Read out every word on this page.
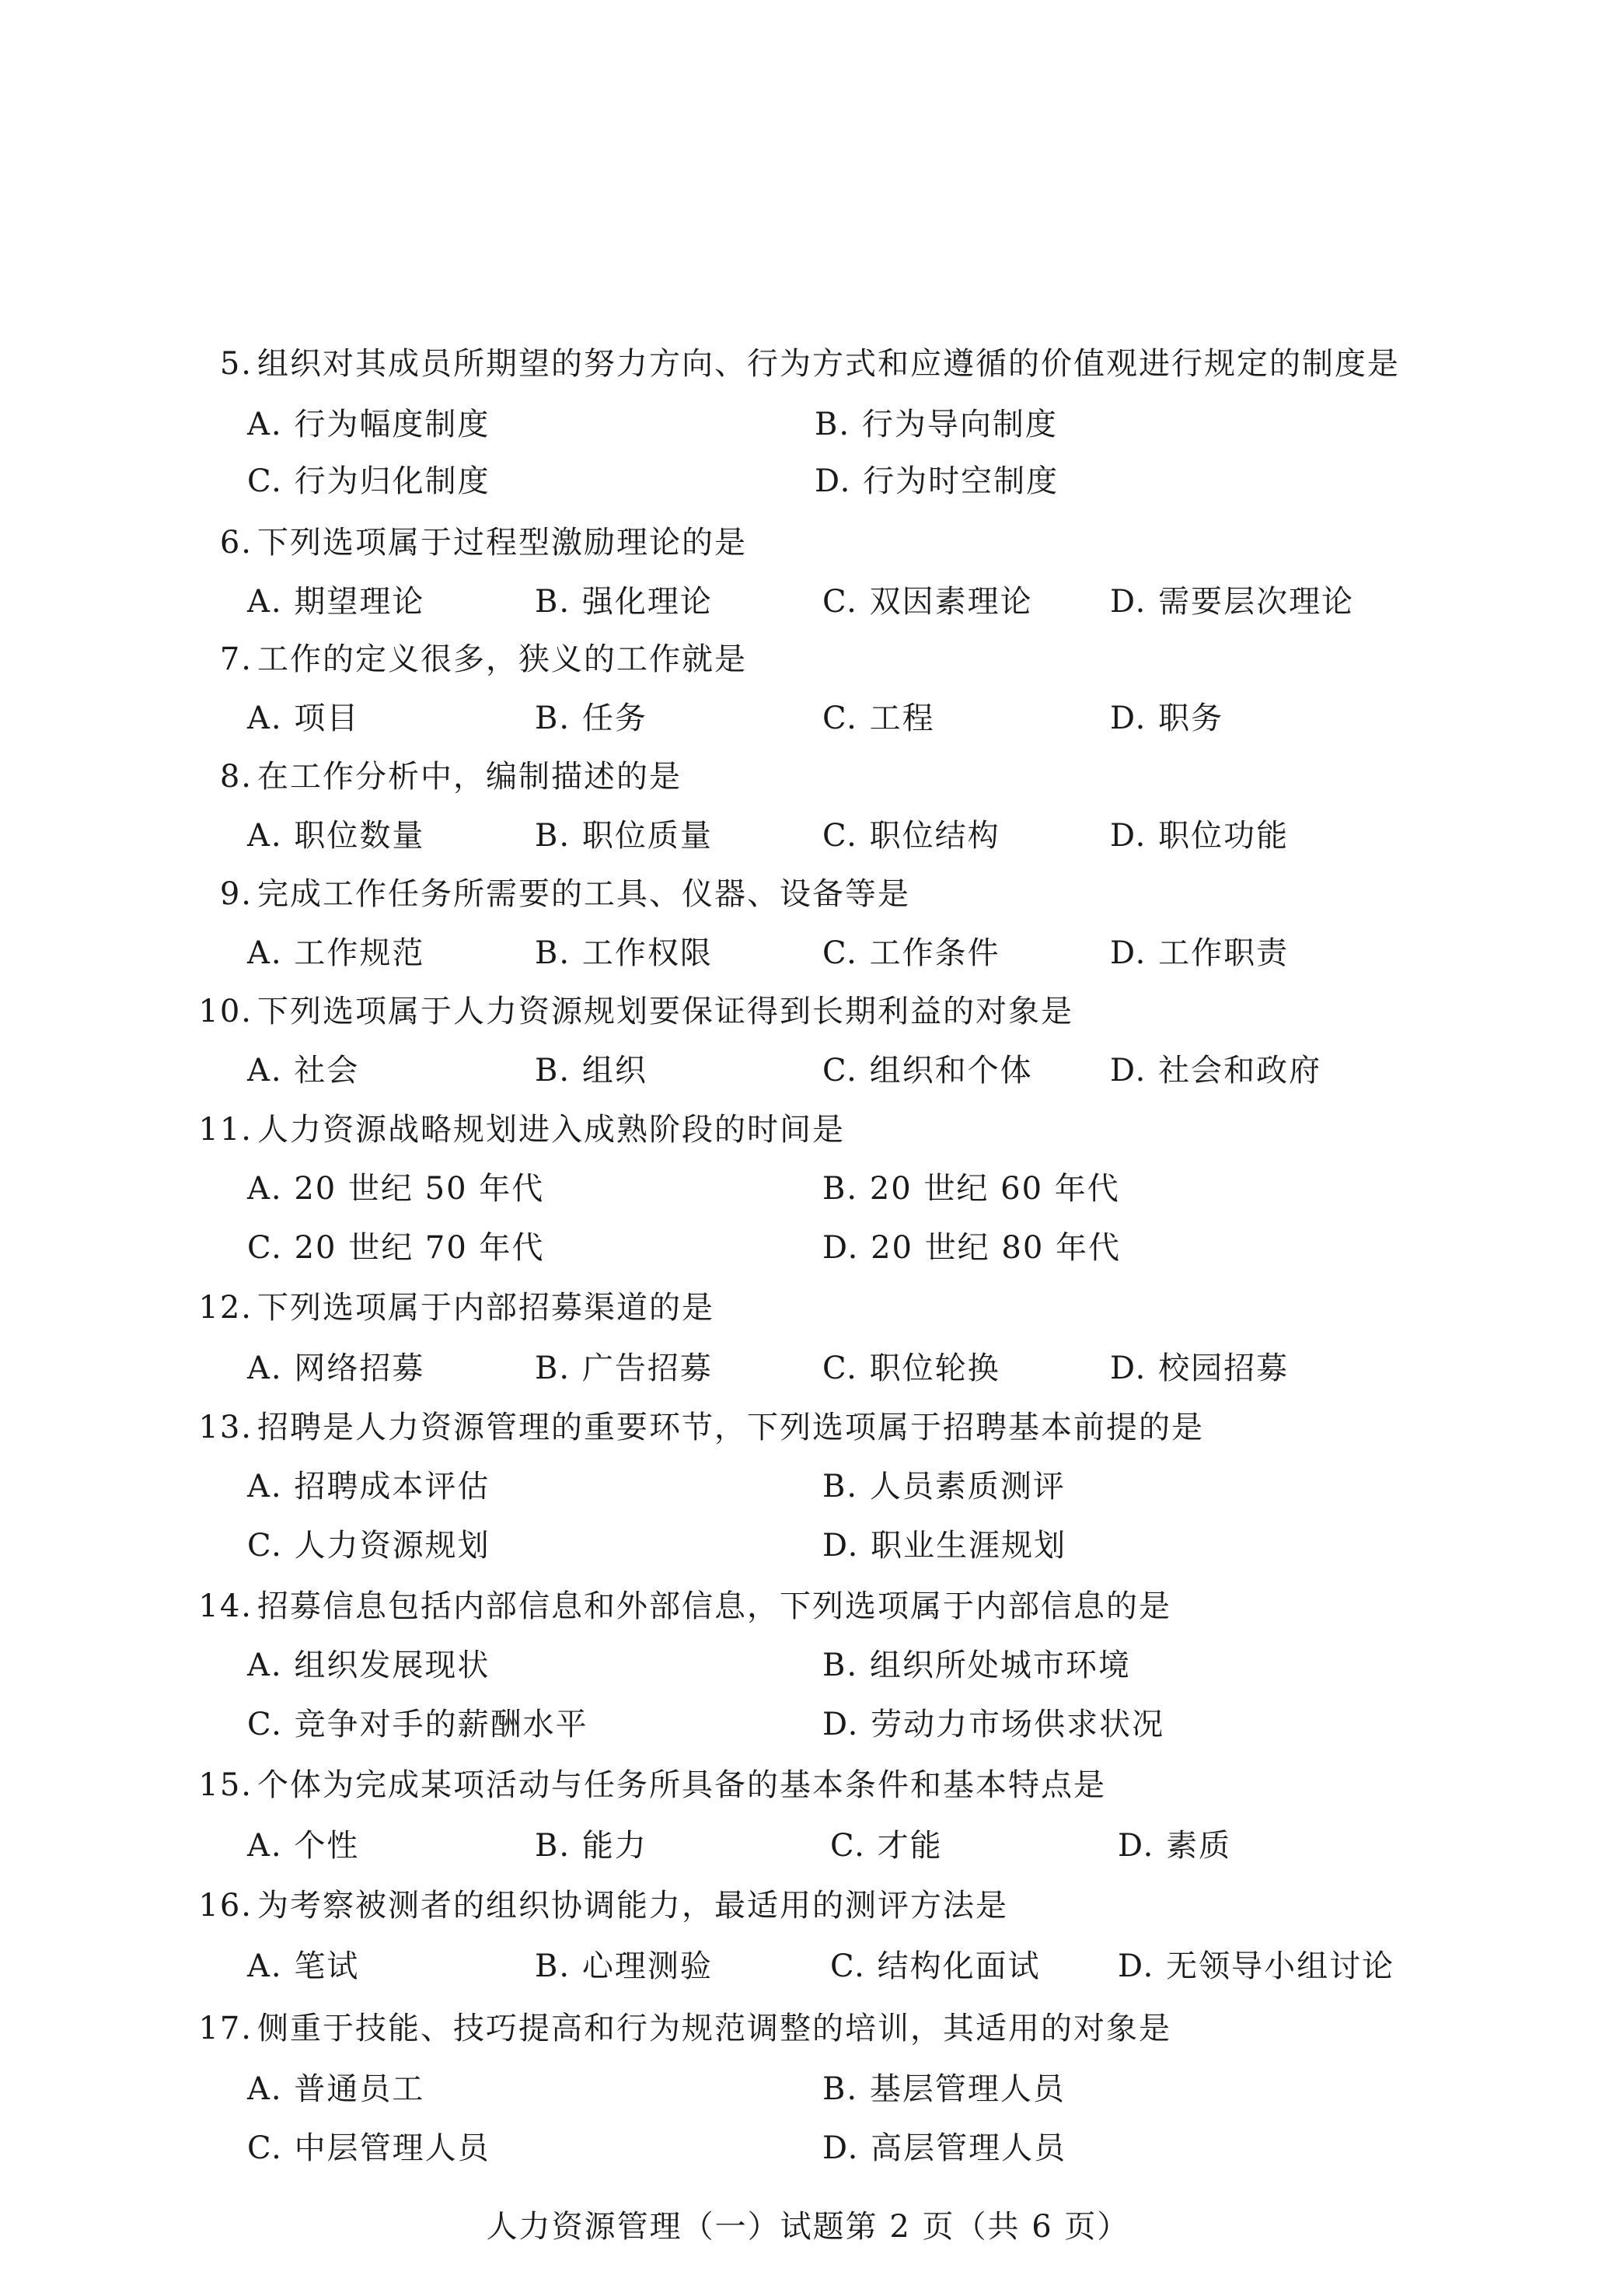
5. 组织对其成员所期望的努力方向、行为方式和应遵循的价值观进行规定的制度是
A. 行为幅度制度	B. 行为导向制度
C. 行为归化制度	D. 行为时空制度
6. 下列选项属于过程型激励理论的是
A. 期望理论	B. 强化理论	C. 双因素理论 D. 需要层次理论
7. 工作的定义很多，狭义的工作就是
A. 项目	B. 任务	C. 工程	D. 职务
8. 在工作分析中，编制描述的是
A. 职位数量	B. 职位质量	C. 职位结构	D. 职位功能
9. 完成工作任务所需要的工具、仪器、设备等是
A. 工作规范	B. 工作权限	C. 工作条件	D. 工作职责
10. 下列选项属于人力资源规划要保证得到长期利益的对象是
A. 社会	B. 组织	C. 组织和个体 D. 社会和政府
11. 人力资源战略规划进入成熟阶段的时间是
A. 20 世纪 50 年代	B. 20 世纪 60 年代
C. 20 世纪 70 年代	D. 20 世纪 80 年代
12. 下列选项属于内部招募渠道的是
A. 网络招募	B. 广告招募	C. 职位轮换	D. 校园招募
13. 招聘是人力资源管理的重要环节，下列选项属于招聘基本前提的是
A. 招聘成本评估	B. 人员素质测评
C. 人力资源规划	D. 职业生涯规划
14. 招募信息包括内部信息和外部信息，下列选项属于内部信息的是
A. 组织发展现状	B. 组织所处城市环境
C. 竞争对手的薪酬水平	D. 劳动力市场供求状况
15. 个体为完成某项活动与任务所具备的基本条件和基本特点是
A. 个性	B. 能力	C. 才能	D. 素质
16. 为考察被测者的组织协调能力，最适用的测评方法是
A. 笔试	B. 心理测验	C. 结构化面试 D. 无领导小组讨论
17. 侧重于技能、技巧提高和行为规范调整的培训，其适用的对象是
A. 普通员工	B. 基层管理人员
C. 中层管理人员	D. 高层管理人员
人力资源管理（一）试题第 2 页（共 6 页）
